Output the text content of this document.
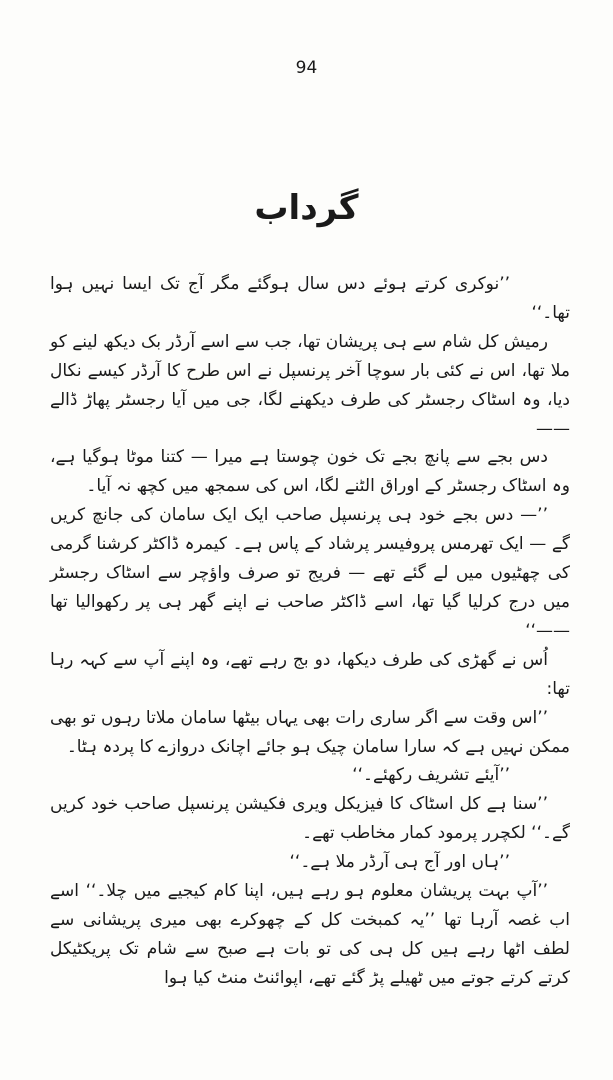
94
گرداب

’’نوکری کرتے ہوئے دس سال ہوگئے مگر آج تک ایسا نہیں ہوا تھا۔‘‘

رمیش کل شام سے ہی پریشان تھا، جب سے اسے آرڈر بک دیکھ لینے کو ملا تھا، اس نے کئی بار سوچا آخر پرنسپل نے اس طرح کا آرڈر کیسے نکال دیا، وہ اسٹاک رجسٹر کی طرف دیکھنے لگا، جی میں آیا رجسٹر پھاڑ ڈالے——

دس بجے سے پانچ بجے تک خون چوستا ہے میرا — کتنا موٹا ہوگیا ہے، وہ اسٹاک رجسٹر کے اوراق الٹنے لگا، اس کی سمجھ میں کچھ نہ آیا۔

’’— دس بجے خود ہی پرنسپل صاحب ایک ایک سامان کی جانچ کریں گے — ایک تھرمس پروفیسر پرشاد کے پاس ہے۔ کیمرہ ڈاکٹر کرشنا گرمی کی چھٹیوں میں لے گئے تھے — فریج تو صرف واؤچر سے اسٹاک رجسٹر میں درج کرلیا گیا تھا، اسے ڈاکٹر صاحب نے اپنے گھر ہی پر رکھوالیا تھا——‘‘

اُس نے گھڑی کی طرف دیکھا، دو بج رہے تھے، وہ اپنے آپ سے کہہ رہا تھا:

’’اس وقت سے اگر ساری رات بھی یہاں بیٹھا سامان ملاتا رہوں تو بھی ممکن نہیں ہے کہ سارا سامان چیک ہو جائے اچانک دروازے کا پردہ ہٹا۔

’’آیئے تشریف رکھئے۔‘‘

’’سنا ہے کل اسٹاک کا فیزیکل ویری فکیشن پرنسپل صاحب خود کریں گے۔‘‘ لکچرر پرمود کمار مخاطب تھے۔

’’ہاں اور آج ہی آرڈر ملا ہے۔‘‘

’’آپ بہت پریشان معلوم ہو رہے ہیں، اپنا کام کیجیے میں چلا۔‘‘ اسے اب غصہ آرہا تھا ’’یہ کمبخت کل کے چھوکرے بھی میری پریشانی سے لطف اٹھا رہے ہیں کل ہی کی تو بات ہے صبح سے شام تک پریکٹیکل کرتے کرتے جوتے میں ٹھیلے پڑ گئے تھے، اپوائنٹ منٹ کیا ہوا
